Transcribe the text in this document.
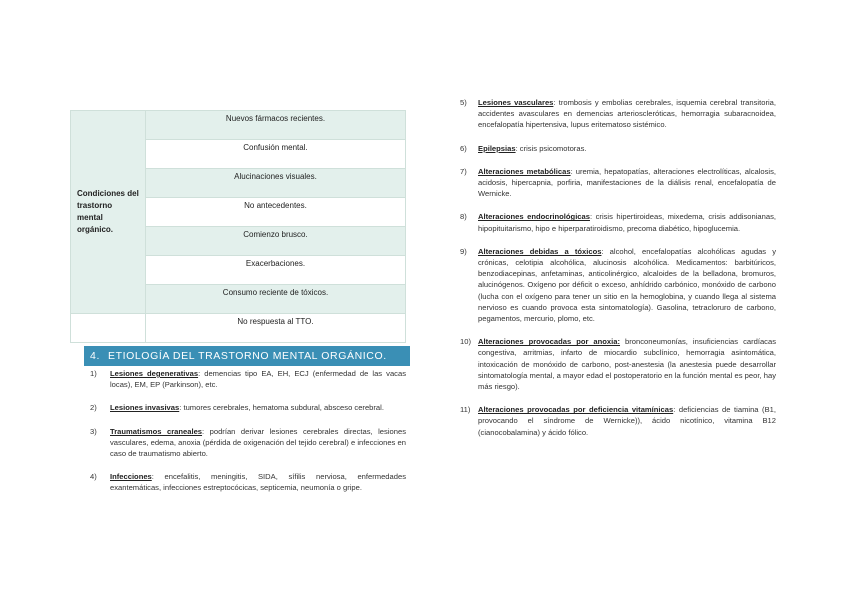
Condiciones del trastorno mental orgánico.	Nuevos fármacos recientes.
	Confusión mental.
	Alucinaciones visuales.
	No antecedentes.
	Comienzo brusco.
	Exacerbaciones.
	Consumo reciente de tóxicos.
	No respuesta al TTO.
4. ETIOLOGÍA DEL TRASTORNO MENTAL ORGÁNICO.

1) Lesiones degenerativas: demencias tipo EA, EH, ECJ (enfermedad de las vacas locas), EM, EP (Parkinson), etc.

2) Lesiones invasivas: tumores cerebrales, hematoma subdural, absceso cerebral.

3) Traumatismos craneales: podrían derivar lesiones cerebrales directas, lesiones vasculares, edema, anoxia (pérdida de oxigenación del tejido cerebral) e infecciones en caso de traumatismo abierto.

4) Infecciones: encefalitis, meningitis, SIDA, sífilis nerviosa, enfermedades exantemáticas, infecciones estreptocócicas, septicemia, neumonía o gripe.

5) Lesiones vasculares: trombosis y embolias cerebrales, isquemia cerebral transitoria, accidentes avasculares en demencias arterioscleróticas, hemorragia subaracnoidea, encefalopatía hipertensiva, lupus eritematoso sistémico.

6) Epilepsias: crisis psicomotoras.

7) Alteraciones metabólicas: uremia, hepatopatías, alteraciones electrolíticas, alcalosis, acidosis, hipercapnia, porfiria, manifestaciones de la diálisis renal, encefalopatía de Wernicke.

8) Alteraciones endocrinológicas: crisis hipertiroideas, mixedema, crisis addisonianas, hipopituitarismo, hipo e hiperparatiroidismo, precoma diabético, hipoglucemia.

9) Alteraciones debidas a tóxicos: alcohol, encefalopatías alcohólicas agudas y crónicas, celotipia alcohólica, alucinosis alcohólica. Medicamentos: barbitúricos, benzodiacepinas, anfetaminas, anticolinérgico, alcaloides de la belladona, bromuros, alucinógenos. Oxígeno por déficit o exceso, anhídrido carbónico, monóxido de carbono (lucha con el oxígeno para tener un sitio en la hemoglobina, y cuando llega al sistema nervioso es cuando provoca esta sintomatología). Gasolina, tetracloruro de carbono, pegamentos, mercurio, plomo, etc.

10) Alteraciones provocadas por anoxia: bronconeumonías, insuficiencias cardíacas congestiva, arritmias, infarto de miocardio subclínico, hemorragia asintomática, intoxicación de monóxido de carbono, post-anestesia (la anestesia puede desarrollar sintomatología mental, a mayor edad el postoperatorio en la función mental es peor, hay más riesgo).

11) Alteraciones provocadas por deficiencia vitamínicas: deficiencias de tiamina (B1, provocando el síndrome de Wernicke)), ácido nicotínico, vitamina B12 (cianocobalamina) y ácido fólico.
